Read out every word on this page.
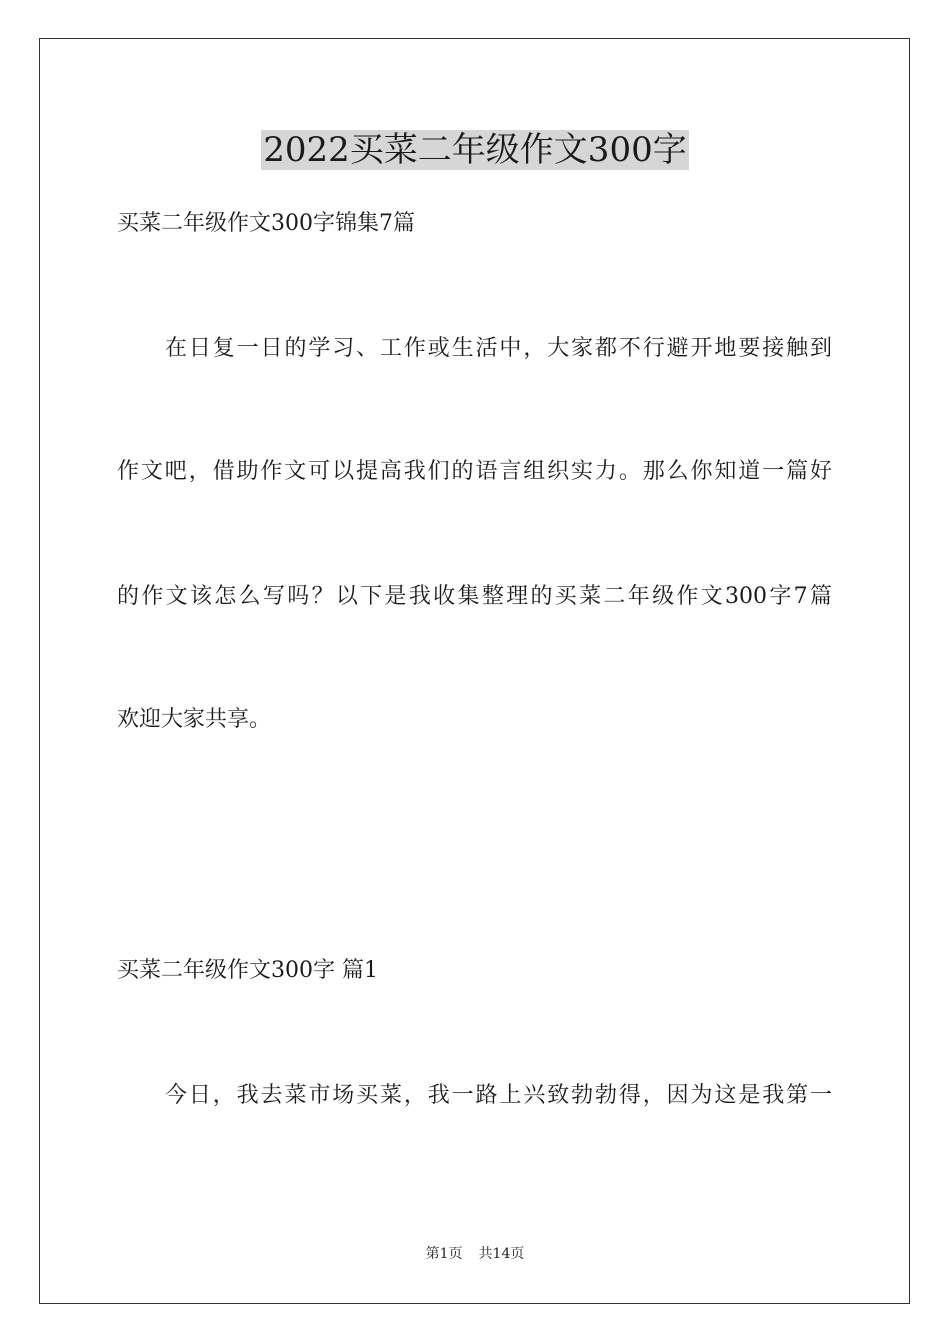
2022买菜二年级作文300字

买菜二年级作文300字锦集7篇

在日复一日的学习、工作或生活中，大家都不行避开地要接触到

作文吧，借助作文可以提高我们的语言组织实力。那么你知道一篇好

的作文该怎么写吗？以下是我收集整理的买菜二年级作文300字7篇

欢迎大家共享。

买菜二年级作文300字 篇1

今日，我去菜市场买菜，我一路上兴致勃勃得，因为这是我第一

第1页 共14页
